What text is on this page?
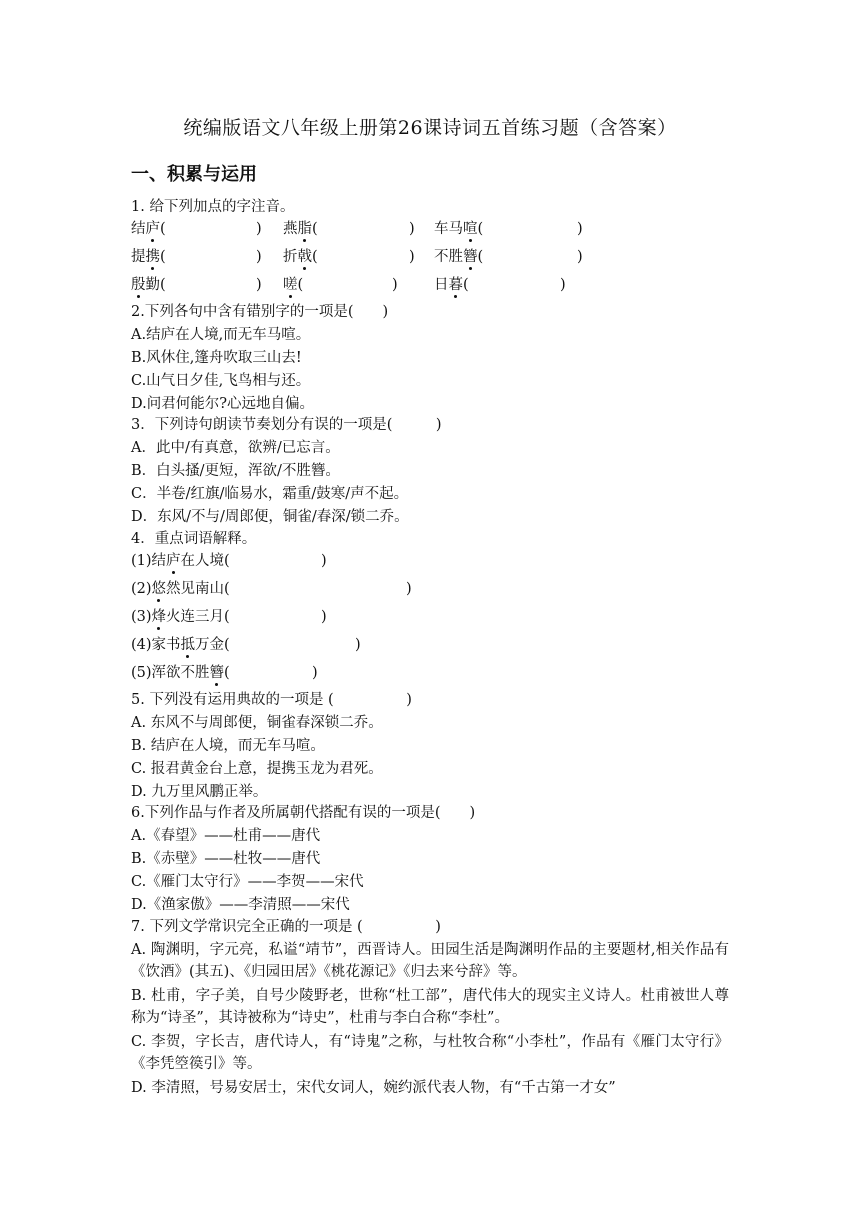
统编版语文八年级上册第26课诗词五首练习题（含答案）
一、积累与运用
1. 给下列加点的字注音。
结庐(	) 燕脂(	) 车马喧(	)
提携(	) 折戟(	) 不胜簪(	)
殷勤(	) 嗟(	)	日暮(	)
2.下列各句中含有错别字的一项是(　　)
A.结庐在人境,而无车马喧。
B.风休住,篷舟吹取三山去!
C.山气日夕佳,飞鸟相与还。
D.问君何能尔?心远地自偏。
3．下列诗句朗读节奏划分有误的一项是(　　　)
A．此中/有真意，欲辨/已忘言。
B．白头搔/更短，浑欲/不胜簪。
C．半卷/红旗/临易水，霜重/鼓寒/声不起。
D．东风/不与/周郎便，铜雀/春深/锁二乔。
4．重点词语解释。
(1)结庐在人境(	)
(2)悠然见南山(	)
(3)烽火连三月(	)
(4)家书抵万金(	)
(5)浑欲不胜簪(	)
5. 下列没有运用典故的一项是 (　　　　　)
A. 东风不与周郎便，铜雀春深锁二乔。
B. 结庐在人境，而无车马喧。
C. 报君黄金台上意，提携玉龙为君死。
D. 九万里风鹏正举。
6.下列作品与作者及所属朝代搭配有误的一项是(　　)
A.《春望》——杜甫——唐代
B.《赤壁》——杜牧——唐代
C.《雁门太守行》——李贺——宋代
D.《渔家傲》——李清照——宋代
7. 下列文学常识完全正确的一项是 (　　　　　)
A. 陶渊明，字元亮，私谥“靖节”，西晋诗人。田园生活是陶渊明作品的主要题材,相关作品有《饮酒》(其五)、《归园田居》《桃花源记》《归去来兮辞》等。
B. 杜甫，字子美，自号少陵野老，世称“杜工部”，唐代伟大的现实主义诗人。杜甫被世人尊称为“诗圣”，其诗被称为“诗史”，杜甫与李白合称“李杜”。
C. 李贺，字长吉，唐代诗人，有“诗鬼”之称，与杜牧合称“小李杜”，作品有《雁门太守行》《李凭箜篌引》等。
D. 李清照，号易安居士，宋代女词人，婉约派代表人物，有“千古第一才女”
